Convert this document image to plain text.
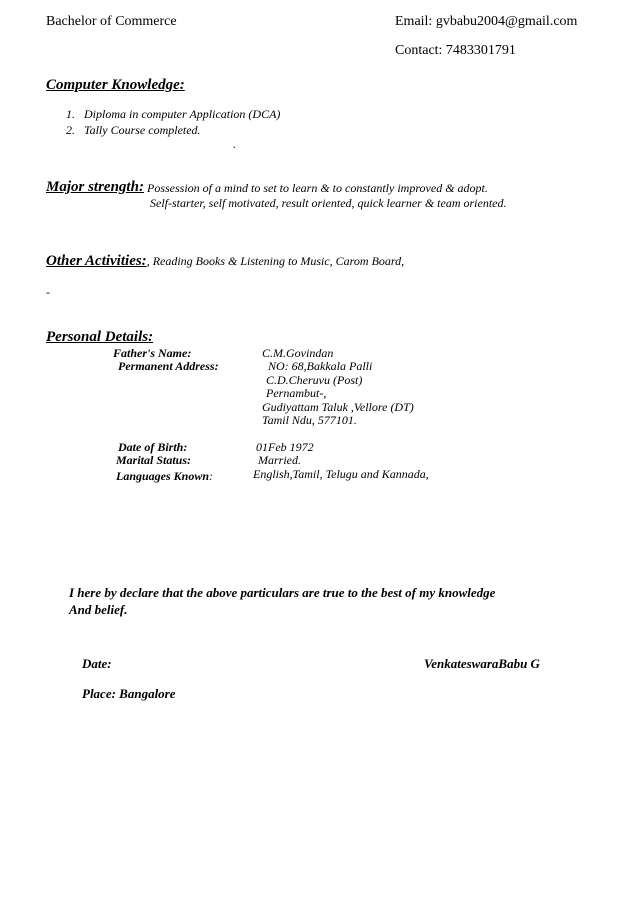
Bachelor of Commerce	Email: gvbabu2004@gmail.com
Contact: 7483301791
Computer Knowledge:
1. Diploma in computer Application (DCA)
2. Tally Course completed.
.
Major strength: Possession of a mind to set to learn & to constantly improved & adopt.
Self-starter, self motivated, result oriented, quick learner & team oriented.
Other Activities:, Reading Books & Listening to Music, Carom Board,
-
Personal Details:
Father's Name:	C.M.Govindan
Permanent Address:	NO: 68,Bakkala Palli
C.D.Cheruvu (Post)
Pernambut-,
Gudiyattam Taluk ,Vellore (DT)
Tamil Ndu, 577101.
Date of Birth:	01Feb 1972
Marital Status:	Married.
Languages Known:	English,Tamil, Telugu and Kannada,
I here by declare that the above particulars are true to the best of my knowledge
And belief.
Date:	VenkateswaraBabu G
Place: Bangalore
